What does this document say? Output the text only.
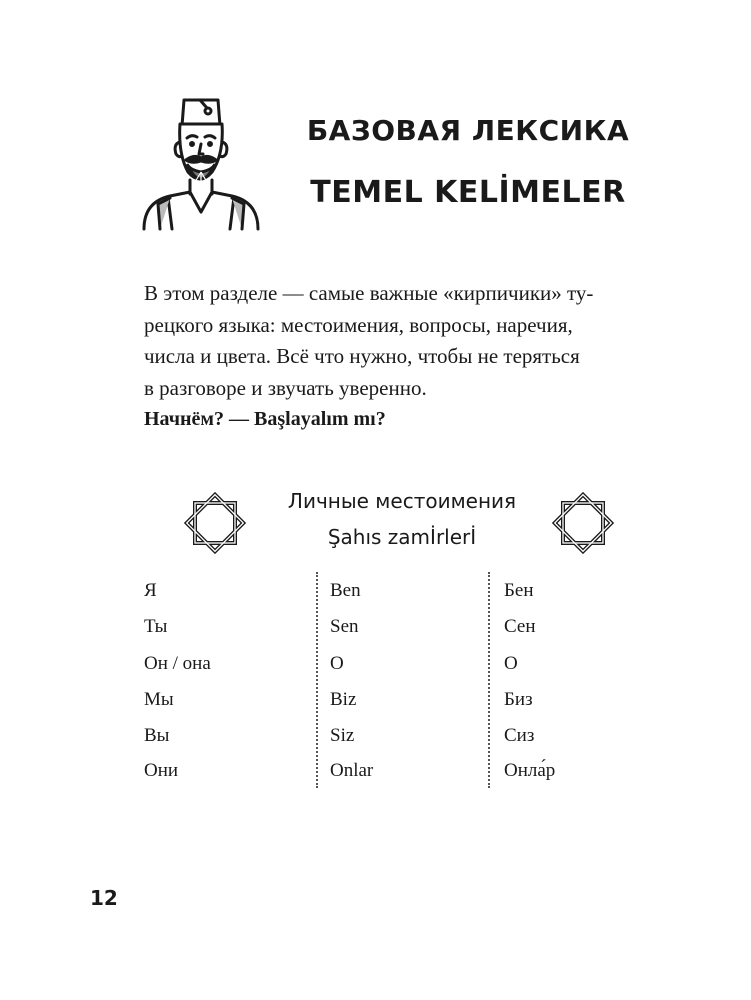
БАЗОВАЯ ЛЕКСИКА
TEMEL KELİMELER
В этом разделе — самые важные «кирпичики» ту-
рецкого языка: местоимения, вопросы, наречия,
числа и цвета. Всё что нужно, чтобы не теряться
в разговоре и звучать уверенно.
Начнём? — Başlayalım mı?
Личные местоимения
Şahıs zamİrlerİ
Я	Ben	Бен
Ты	Sen	Сен
Он / она	O	О
Мы	Biz	Биз
Вы	Siz	Сиз
Они	Onlar	Онла́р
12
